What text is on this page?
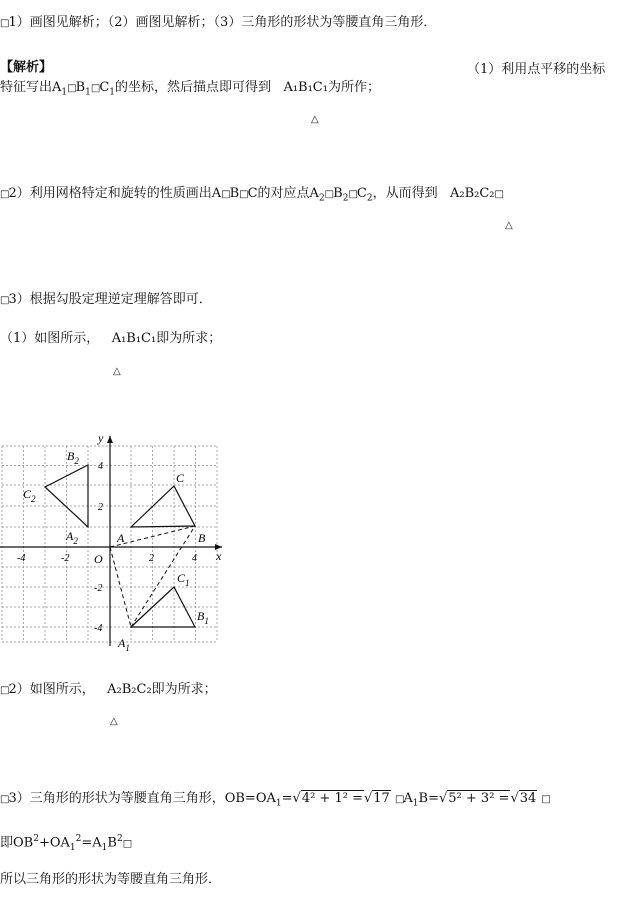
□1）画图见解析；（2）画图见解析；（3）三角形的形状为等腰直角三角形．
【解析】	（1）利用点平移的坐标
特征写出$A_1□B_1□C_1$的坐标，然后描点即可得到 A₁B₁C₁为所作；
△
□2）利用网格特定和旋转的性质画出A□B□C的对应点$A_2□B_2□C_2$，从而得到 A₂B₂C₂□
△
□3）根据勾股定理逆定理解答即可．
（1）如图所示， A₁B₁C₁即为所求；
△
x
y
O
-4	-2	2	4
4
2
-2
-4
A	B
C
$A_1$
$B_1$
$C_1$
$A_2$
$B_2$
$C_2$
□2）如图所示， A₂B₂C₂即为所求；
△
□3）三角形的形状为等腰直角三角形，$OB=OA_1=√$ 4² + 1² =√ 17 $□A_1B=√$ 5² + 3² =√ 34 □
即$OB^2+OA_1^2=A_1B^2□$
所以三角形的形状为等腰直角三角形．
